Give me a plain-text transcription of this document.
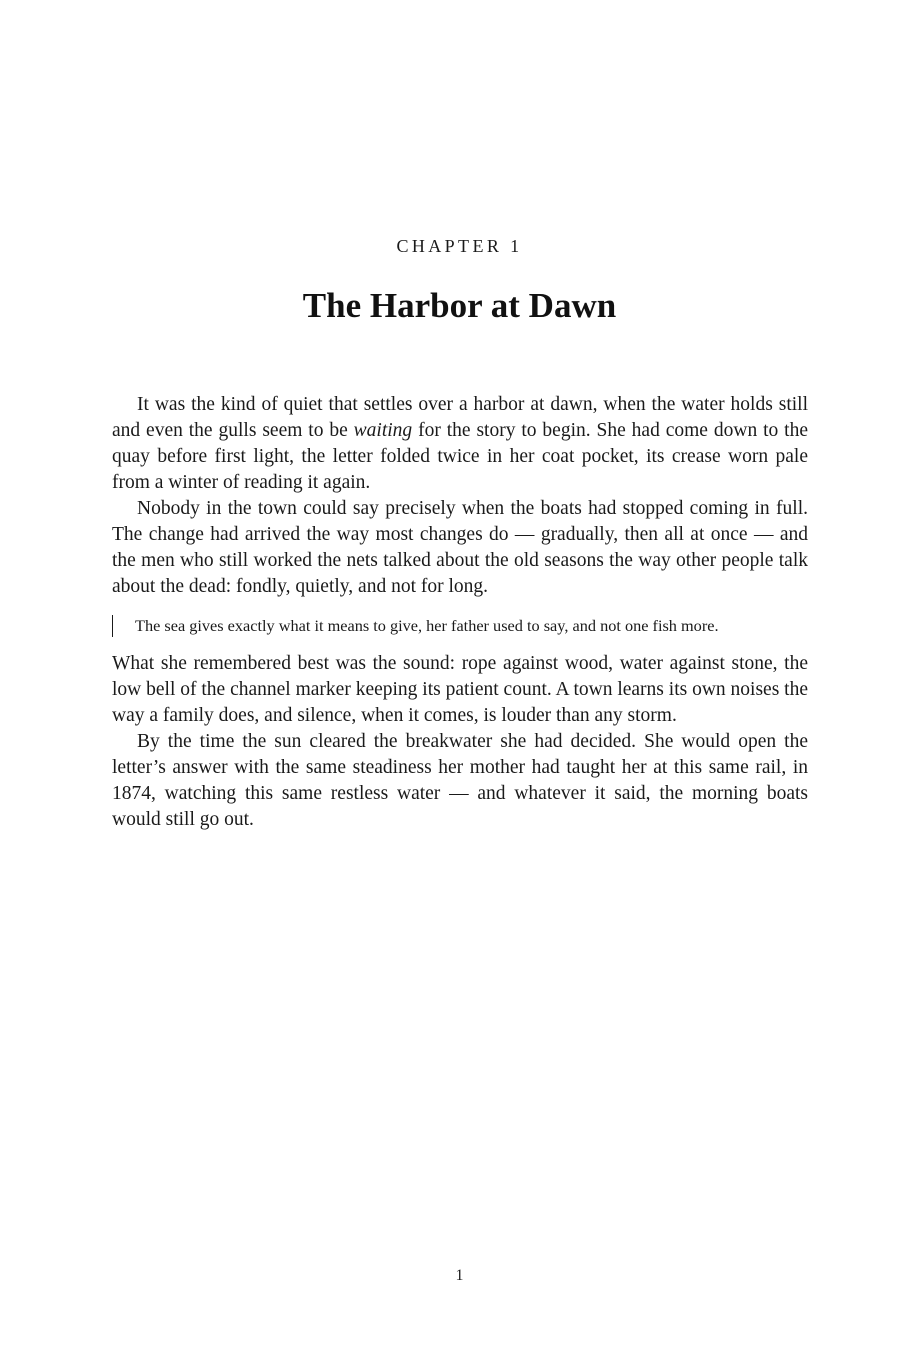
CHAPTER 1
The Harbor at Dawn

It was the kind of quiet that settles over a harbor at dawn, when the water holds still and even the gulls seem to be waiting for the story to begin. She had come down to the quay before first light, the letter folded twice in her coat pocket, its crease worn pale from a winter of reading it again.

Nobody in the town could say precisely when the boats had stopped coming in full. The change had arrived the way most changes do — gradually, then all at once — and the men who still worked the nets talked about the old seasons the way other people talk about the dead: fondly, quietly, and not for long.

The sea gives exactly what it means to give, her father used to say, and not one fish more.

What she remembered best was the sound: rope against wood, water against stone, the low bell of the channel marker keeping its patient count. A town learns its own noises the way a family does, and silence, when it comes, is louder than any storm.

By the time the sun cleared the breakwater she had decided. She would open the letter’s answer with the same steadiness her mother had taught her at this same rail, in 1874, watching this same restless water — and whatever it said, the morning boats would still go out.

1
